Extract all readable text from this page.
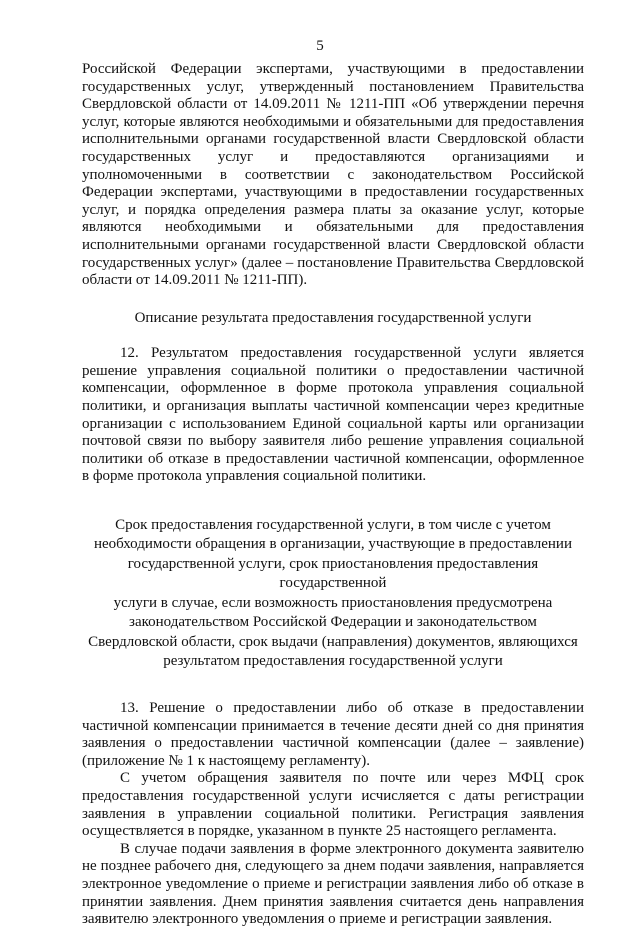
5

Российской Федерации экспертами, участвующими в предоставлении государственных услуг, утвержденный постановлением Правительства Свердловской области от 14.09.2011 № 1211-ПП «Об утверждении перечня услуг, которые являются необходимыми и обязательными для предоставления исполнительными органами государственной власти Свердловской области государственных услуг и предоставляются организациями и уполномоченными в соответствии с законодательством Российской Федерации экспертами, участвующими в предоставлении государственных услуг, и порядка определения размера платы за оказание услуг, которые являются необходимыми и обязательными для предоставления исполнительными органами государственной власти Свердловской области государственных услуг» (далее – постановление Правительства Свердловской области от 14.09.2011 № 1211-ПП).

Описание результата предоставления государственной услуги

12. Результатом предоставления государственной услуги является решение управления социальной политики о предоставлении частичной компенсации, оформленное в форме протокола управления социальной политики, и организация выплаты частичной компенсации через кредитные организации с использованием Единой социальной карты или организации почтовой связи по выбору заявителя либо решение управления социальной политики об отказе в предоставлении частичной компенсации, оформленное в форме протокола управления социальной политики.

Срок предоставления государственной услуги, в том числе с учетом

необходимости обращения в организации, участвующие в предоставлении

государственной услуги, срок приостановления предоставления государственной

услуги в случае, если возможность приостановления предусмотрена

законодательством Российской Федерации и законодательством

Свердловской области, срок выдачи (направления) документов, являющихся

результатом предоставления государственной услуги

13. Решение о предоставлении либо об отказе в предоставлении частичной компенсации принимается в течение десяти дней со дня принятия заявления о предоставлении частичной компенсации (далее – заявление) (приложение № 1 к настоящему регламенту).

С учетом обращения заявителя по почте или через МФЦ срок предоставления государственной услуги исчисляется с даты регистрации заявления в управлении социальной политики. Регистрация заявления осуществляется в порядке, указанном в пункте 25 настоящего регламента.

В случае подачи заявления в форме электронного документа заявителю не позднее рабочего дня, следующего за днем подачи заявления, направляется электронное уведомление о приеме и регистрации заявления либо об отказе в принятии заявления. Днем принятия заявления считается день направления заявителю электронного уведомления о приеме и регистрации заявления.
